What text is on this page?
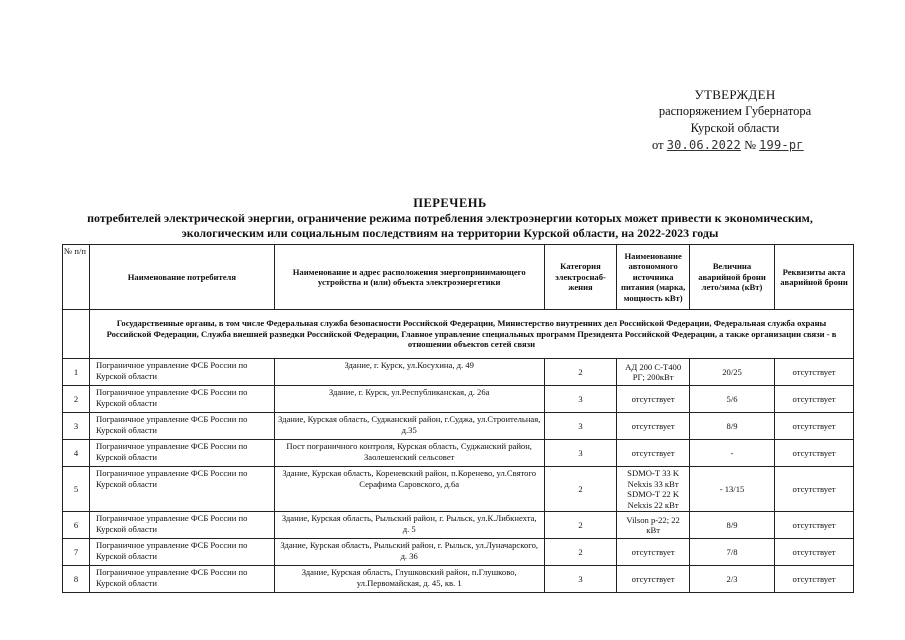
УТВЕРЖДЕН
распоряжением Губернатора
Курской области
от 30.06.2022 № 199-рг
ПЕРЕЧЕНЬ
потребителей электрической энергии, ограничение режима потребления электроэнергии которых может привести к экономическим,
экологическим или социальным последствиям на территории Курской области, на 2022-2023 годы
№ п/п	Наименование потребителя	Наименование и адрес расположения энергопринимающего устройства и (или) объекта электроэнергетики	Категория электроснаб-жения	Наименование автономного источника питания (марка, мощность кВт)	Величина аварийной брони лето/зима (кВт)	Реквизиты акта аварийной брони
	Государственные органы, в том числе Федеральная служба безопасности Российской Федерации, Министерство внутренних дел Российской Федерации, Федеральная служба охраны Российской Федерации, Служба внешней разведки Российской Федерации, Главное управление специальных программ Президента Российской Федерации, а также организации связи - в отношении объектов сетей связи					
1	Пограничное управление ФСБ России по Курской области	Здание, г. Курск, ул.Косухина, д. 49	2	АД 200 С-Т400 РГ; 200кВт	20/25	отсутствует
2	Пограничное управление ФСБ России по Курской области	Здание, г. Курск, ул.Республиканская, д. 26а	3	отсутствует	5/6	отсутствует
3	Пограничное управление ФСБ России по Курской области	Здание, Курская область, Суджанский район, г.Суджа, ул.Строительная, д.35	3	отсутствует	8/9	отсутствует
4	Пограничное управление ФСБ России по Курской области	Пост пограничного контроля, Курская область, Суджанский район, Заолешенский сельсовет	3	отсутствует	-	отсутствует
5	Пограничное управление ФСБ России по Курской области	Здание, Курская область, Кореневский район, п.Коренево, ул.Святого Серафима Саровского, д.6а	2	SDMO-T 33 K Nekxis 33 кВт SDMO-T 22 K Nekxis 22 кВт	- 13/15	отсутствует
6	Пограничное управление ФСБ России по Курской области	Здание, Курская область, Рыльский район, г. Рыльск, ул.К.Либкнехта, д. 5	2	Vilson p-22; 22 кВт	8/9	отсутствует
7	Пограничное управление ФСБ России по Курской области	Здание, Курская область, Рыльский район, г. Рыльск, ул.Луначарского, д. 36	2	отсутствует	7/8	отсутствует
8	Пограничное управление ФСБ России по Курской области	Здание, Курская область, Глушковский район, п.Глушково, ул.Первомайская, д. 45, кв. 1	3	отсутствует	2/3	отсутствует
